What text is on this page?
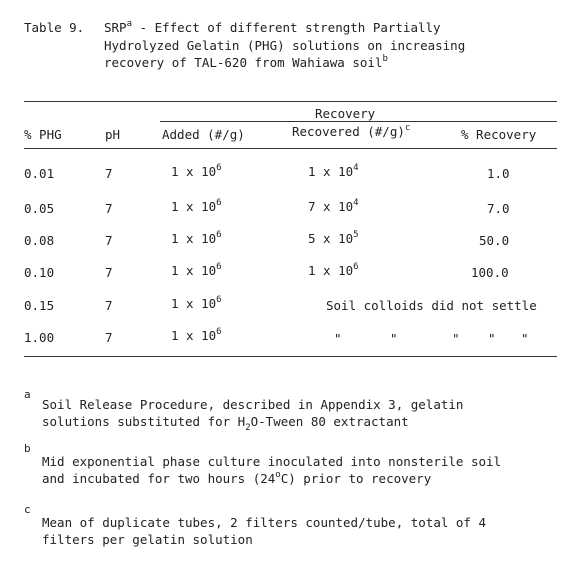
Table 9. SRP$^a$ - Effect of different strength Partially
Hydrolyzed Gelatin (PHG) solutions on increasing
recovery of TAL-620 from Wahiawa soil$^b$
Recovery
% PHG	pH	Added (#/g)	Recovered (#/g)$^c$	% Recovery
0.01	7	1 x $10^6$	1 x $10^4$	1.0
0.05	7	1 x $10^6$	7 x $10^4$	7.0
0.08	7	1 x $10^6$	5 x $10^5$	50.0
0.10	7	1 x $10^6$	1 x $10^6$	100.0
0.15	7	1 x $10^6$	Soil colloids did not settle
1.00	7	1 x $10^6$	"	"	" " "
a
Soil Release Procedure, described in Appendix 3, gelatin
solutions substituted for $H_2O$-Tween 80 extractant
b
Mid exponential phase culture inoculated into nonsterile soil
and incubated for two hours (24$^o$C) prior to recovery
c
Mean of duplicate tubes, 2 filters counted/tube, total of 4
filters per gelatin solution
